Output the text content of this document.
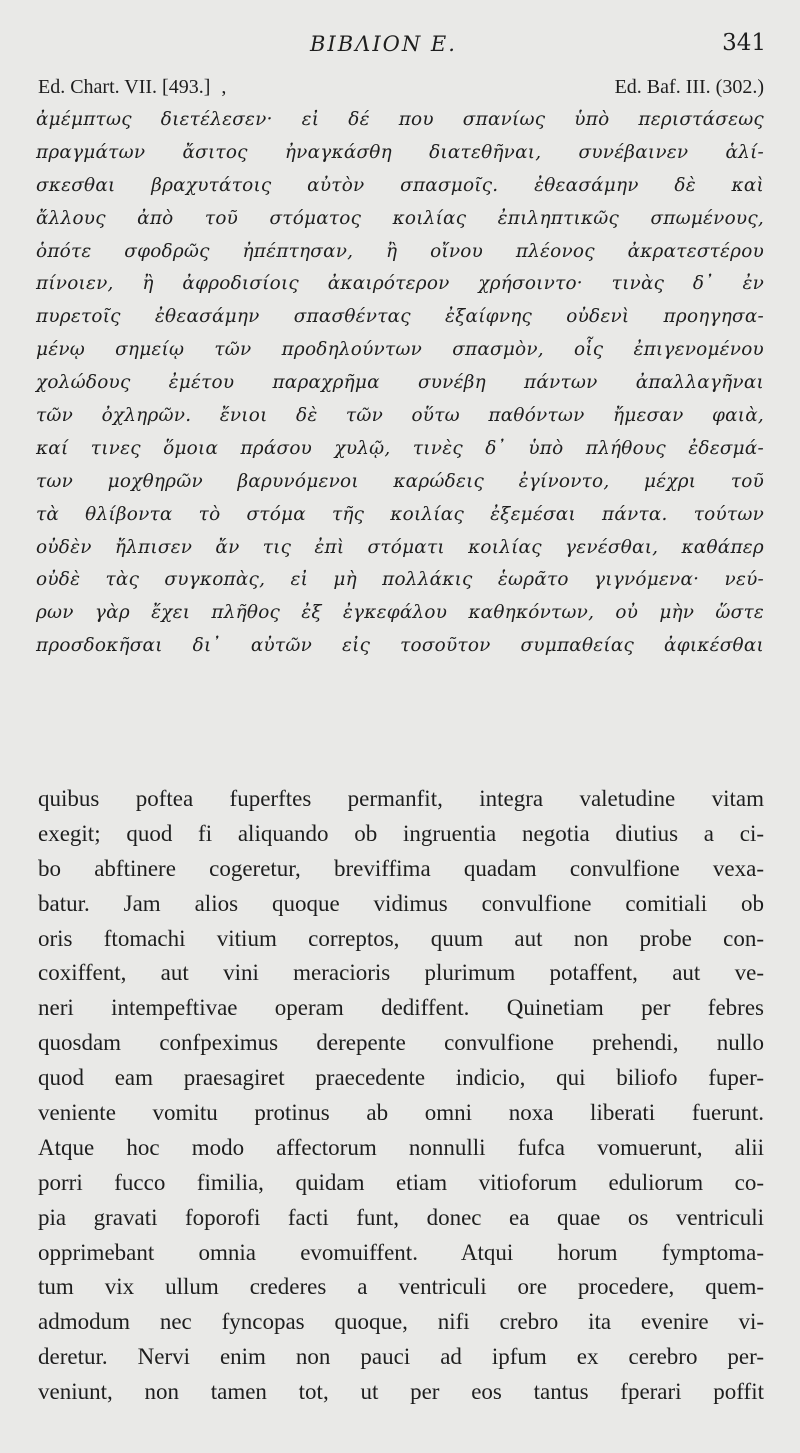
BIBΛION E.	341
Ed. Chart. VII. [493.] ,	Ed. Baf. III. (302.)
ἀμέμπτως διετέλεσεν· εἰ δέ που σπανίως ὑπὸ περιστάσεως
πραγμάτων ἄσιτος ἠναγκάσθη διατεθῆναι, συνέβαινεν ἁλί-
σκεσθαι βραχυτάτοις αὐτὸν σπασμοῖς. ἐθεασάμην δὲ καὶ
ἄλλους ἀπὸ τοῦ στόματος κοιλίας ἐπιληπτικῶς σπωμένους,
ὁπότε σφοδρῶς ἠπέπτησαν, ἢ οἴνου πλέονος ἀκρατεστέρου
πίνοιεν, ἢ ἀφροδισίοις ἀκαιρότερον χρήσοιντο· τινὰς δ᾽ ἐν
πυρετοῖς ἐθεασάμην σπασθέντας ἐξαίφνης οὐδενὶ προηγησα-
μένῳ σημείῳ τῶν προδηλούντων σπασμὸν, οἷς ἐπιγενομένου
χολώδους ἐμέτου παραχρῆμα συνέβη πάντων ἀπαλλαγῆναι
τῶν ὀχληρῶν. ἔνιοι δὲ τῶν οὕτω παθόντων ἤμεσαν φαιὰ,
καί τινες ὅμοια πράσου χυλῷ, τινὲς δ᾽ ὑπὸ πλήθους ἐδεσμά-
των μοχθηρῶν βαρυνόμενοι καρώδεις ἐγίνοντο, μέχρι τοῦ
τὰ θλίβοντα τὸ στόμα τῆς κοιλίας ἐξεμέσαι πάντα. τούτων
οὐδὲν ἤλπισεν ἄν τις ἐπὶ στόματι κοιλίας γενέσθαι, καθάπερ
οὐδὲ τὰς συγκοπὰς, εἰ μὴ πολλάκις ἑωρᾶτο γιγνόμενα· νεύ-
ρων γὰρ ἔχει πλῆθος ἐξ ἐγκεφάλου καθηκόντων, οὐ μὴν ὥστε
προσδοκῆσαι δι᾽ αὐτῶν εἰς τοσοῦτον συμπαθείας ἀφικέσθαι
quibus poftea fuperftes permanfit, integra valetudine vitam
exegit; quod fi aliquando ob ingruentia negotia diutius a ci-
bo abftinere cogeretur, breviffima quadam convulfione vexa-
batur. Jam alios quoque vidimus convulfione comitiali ob
oris ftomachi vitium correptos, quum aut non probe con-
coxiffent, aut vini meracioris plurimum potaffent, aut ve-
neri intempeftivae operam dediffent. Quinetiam per febres
quosdam confpeximus derepente convulfione prehendi, nullo
quod eam praesagiret praecedente indicio, qui biliofo fuper-
veniente vomitu protinus ab omni noxa liberati fuerunt.
Atque hoc modo affectorum nonnulli fufca vomuerunt, alii
porri fucco fimilia, quidam etiam vitioforum eduliorum co-
pia gravati foporofi facti funt, donec ea quae os ventriculi
opprimebant omnia evomuiffent. Atqui horum fymptoma-
tum vix ullum crederes a ventriculi ore procedere, quem-
admodum nec fyncopas quoque, nifi crebro ita evenire vi-
deretur. Nervi enim non pauci ad ipfum ex cerebro per-
veniunt, non tamen tot, ut per eos tantus fperari poffit
